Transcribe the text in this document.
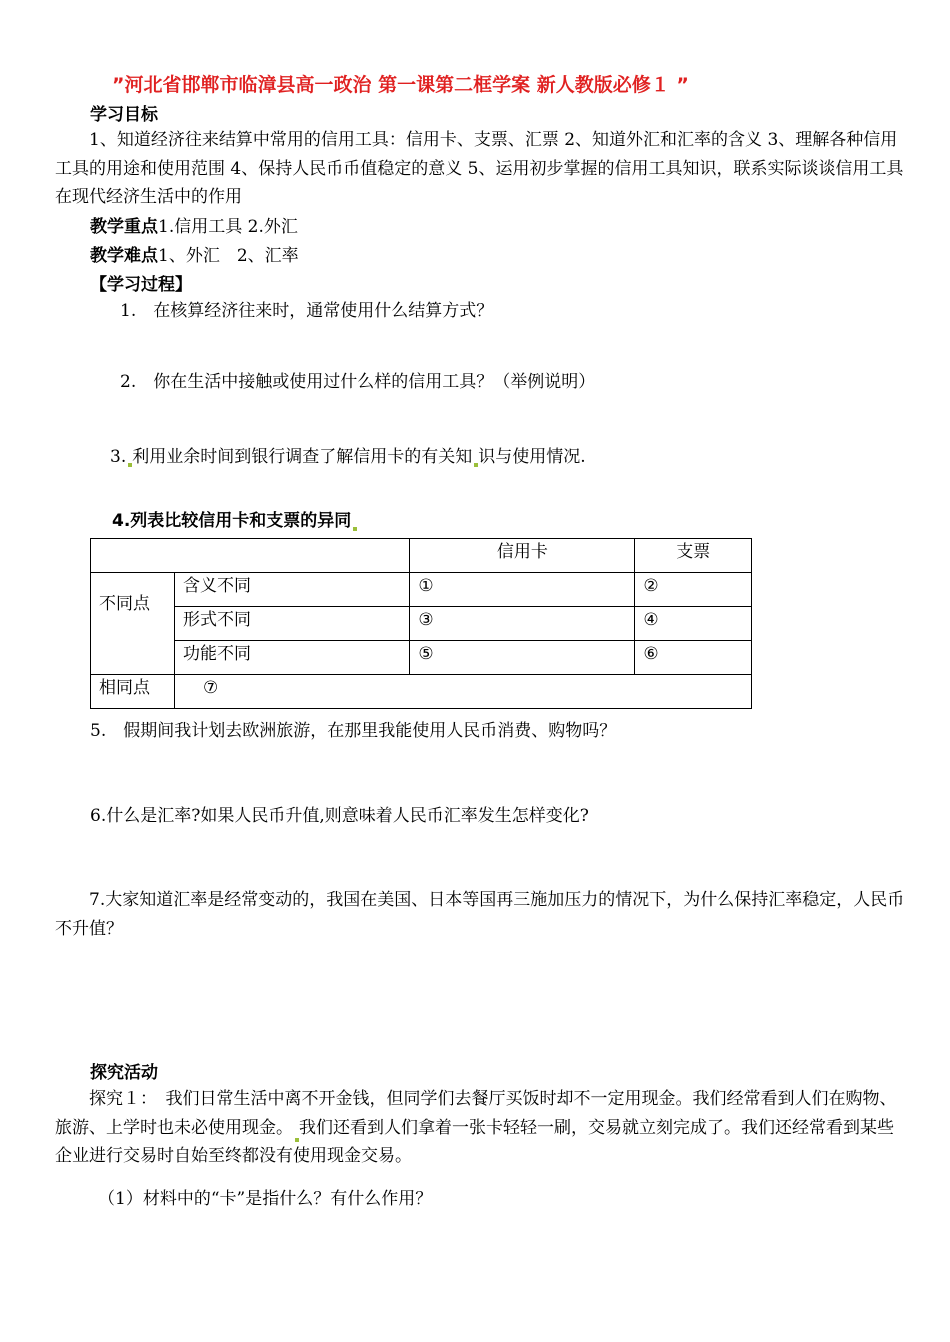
”河北省邯郸市临漳县高一政治 第一课第二框学案 新人教版必修１ ”
学习目标
1、知道经济往来结算中常用的信用工具：信用卡、支票、汇票 2、知道外汇和汇率的含义 3、理解各种信用工具的用途和使用范围 4、保持人民币币值稳定的意义 5、运用初步掌握的信用工具知识，联系实际谈谈信用工具在现代经济生活中的作用
教学重点1.信用工具 2.外汇
教学难点1、外汇　2、汇率
【学习过程】
1.　在核算经济往来时，通常使用什么结算方式？
2.　你在生活中接触或使用过什么样的信用工具？（举例说明）
3. 利用业余时间到银行调查了解信用卡的有关知 识与使用情况.
4.列表比较信用卡和支票的异同
		信用卡	支票
不同点	含义不同	①	②
	形式不同	③	④
	功能不同	⑤	⑥
相同点	⑦		
5.　假期间我计划去欧洲旅游，在那里我能使用人民币消费、购物吗？
6.什么是汇率?如果人民币升值,则意味着人民币汇率发生怎样变化?
7.大家知道汇率是经常变动的，我国在美国、日本等国再三施加压力的情况下，为什么保持汇率稳定，人民币不升值？
探究活动
探究１：　我们日常生活中离不开金钱，但同学们去餐厅买饭时却不一定用现金。我们经常看到人们在购物、旅游、上学时也未必使用现金。 我们还看到人们拿着一张卡轻轻一刷，交易就立刻完成了。我们还经常看到某些企业进行交易时自始至终都没有使用现金交易。
（1）材料中的“卡”是指什么？有什么作用？
